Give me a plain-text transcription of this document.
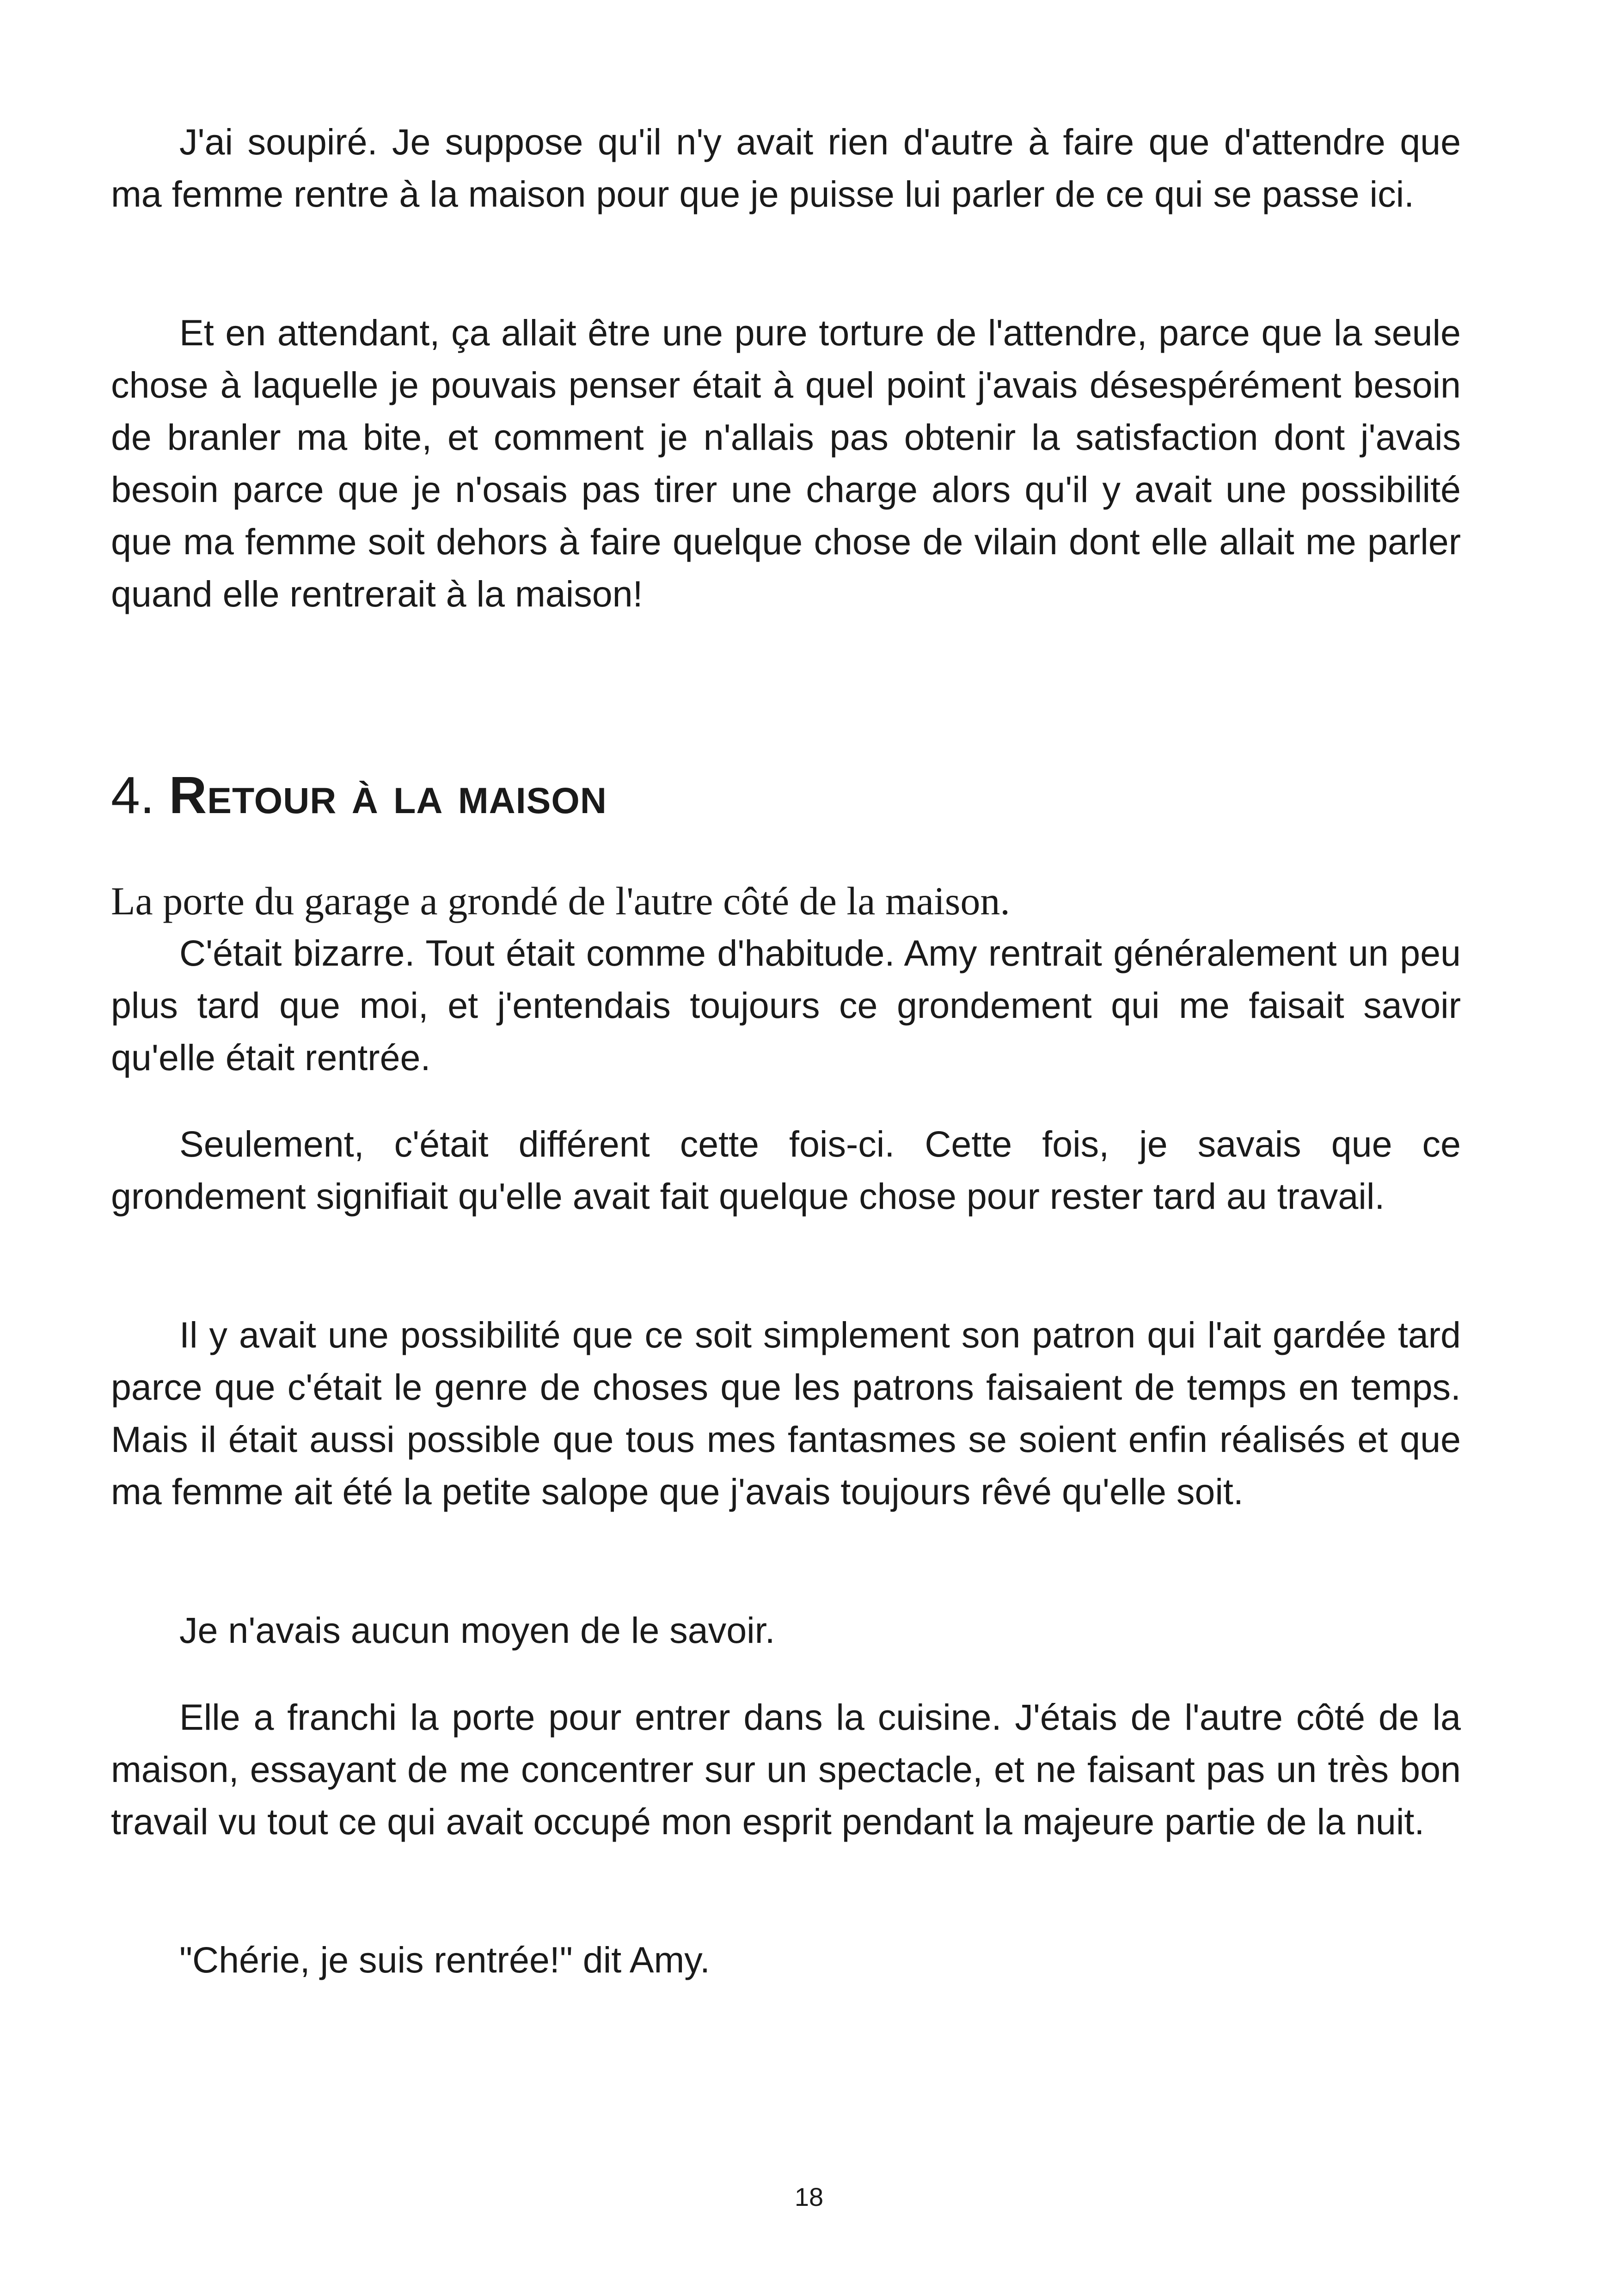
J'ai soupiré. Je suppose qu'il n'y avait rien d'autre à faire que d'attendre que ma femme rentre à la maison pour que je puisse lui parler de ce qui se passe ici.

Et en attendant, ça allait être une pure torture de l'attendre, parce que la seule chose à laquelle je pouvais penser était à quel point j'avais désespérément besoin de branler ma bite, et comment je n'allais pas obtenir la satisfaction dont j'avais besoin parce que je n'osais pas tirer une charge alors qu'il y avait une possibilité que ma femme soit dehors à faire quelque chose de vilain dont elle allait me parler quand elle rentrerait à la maison!

4. Retour à la maison

La porte du garage a grondé de l'autre côté de la maison.

C'était bizarre. Tout était comme d'habitude. Amy rentrait généralement un peu plus tard que moi, et j'entendais toujours ce grondement qui me faisait savoir qu'elle était rentrée.

Seulement, c'était différent cette fois-ci. Cette fois, je savais que ce grondement signifiait qu'elle avait fait quelque chose pour rester tard au travail.

Il y avait une possibilité que ce soit simplement son patron qui l'ait gardée tard parce que c'était le genre de choses que les patrons faisaient de temps en temps. Mais il était aussi possible que tous mes fantasmes se soient enfin réalisés et que ma femme ait été la petite salope que j'avais toujours rêvé qu'elle soit.

Je n'avais aucun moyen de le savoir.

Elle a franchi la porte pour entrer dans la cuisine. J'étais de l'autre côté de la maison, essayant de me concentrer sur un spectacle, et ne faisant pas un très bon travail vu tout ce qui avait occupé mon esprit pendant la majeure partie de la nuit.

"Chérie, je suis rentrée!" dit Amy.

18
